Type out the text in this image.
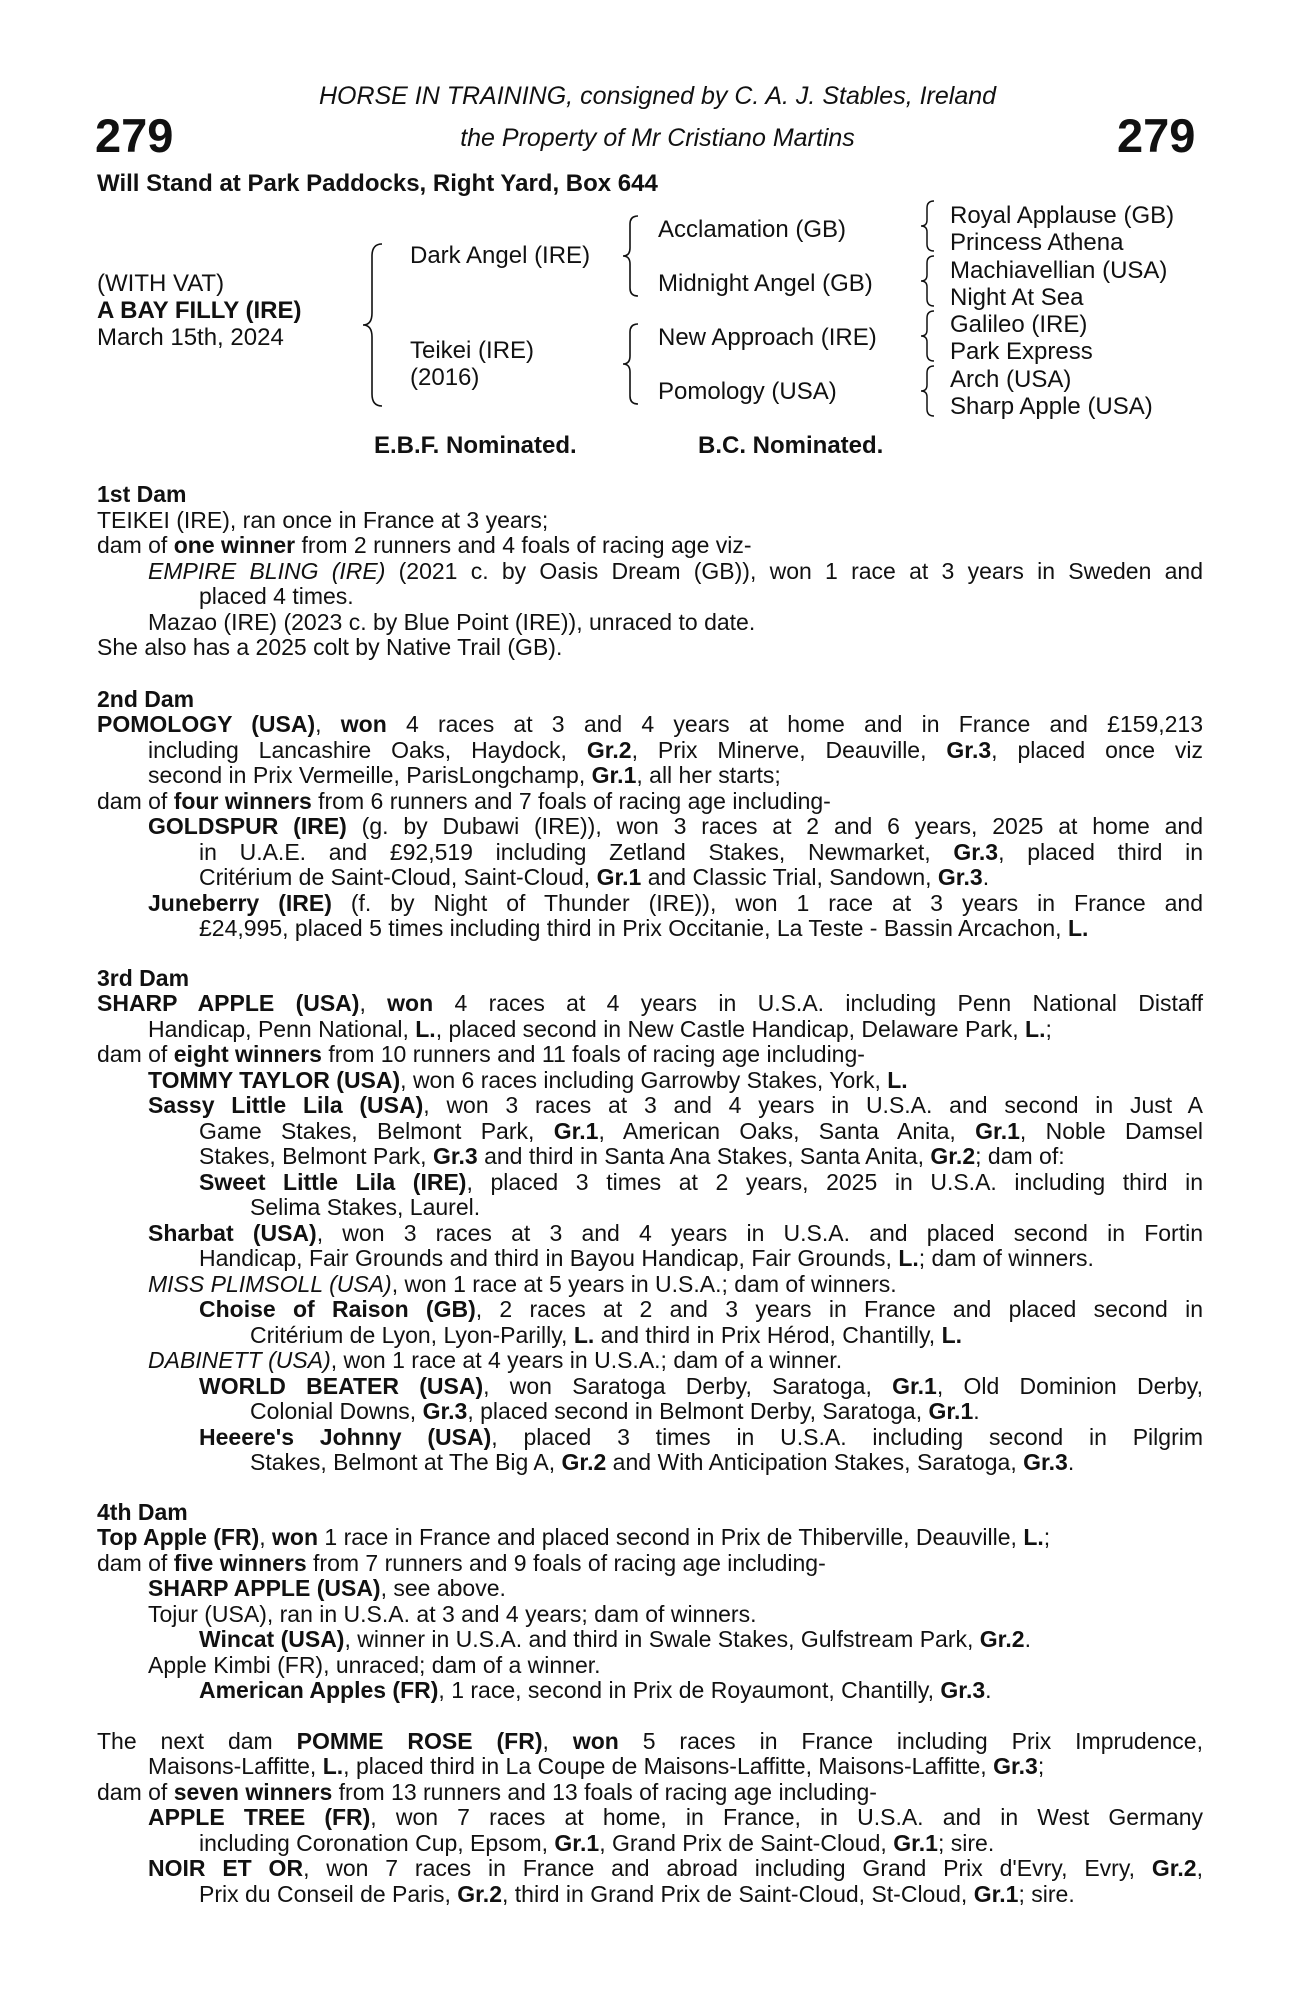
HORSE IN TRAINING, consigned by C. A. J. Stables, Ireland
the Property of Mr Cristiano Martins
279	279
Will Stand at Park Paddocks, Right Yard, Box 644
(WITH VAT)
A BAY FILLY (IRE)
March 15th, 2024
Dark Angel (IRE)
Teikei (IRE)
(2016)
Acclamation (GB)
Midnight Angel (GB)
New Approach (IRE)
Pomology (USA)
Royal Applause (GB)
Princess Athena
Machiavellian (USA)
Night At Sea
Galileo (IRE)
Park Express
Arch (USA)
Sharp Apple (USA)
E.B.F. Nominated.	B.C. Nominated.
1st Dam
TEIKEI (IRE), ran once in France at 3 years;
dam of one winner from 2 runners and 4 foals of racing age viz-
EMPIRE BLING (IRE) (2021 c. by Oasis Dream (GB)), won 1 race at 3 years in Sweden and
placed 4 times.
Mazao (IRE) (2023 c. by Blue Point (IRE)), unraced to date.
She also has a 2025 colt by Native Trail (GB).
2nd Dam
POMOLOGY (USA), won 4 races at 3 and 4 years at home and in France and £159,213
including Lancashire Oaks, Haydock, Gr.2, Prix Minerve, Deauville, Gr.3, placed once viz
second in Prix Vermeille, ParisLongchamp, Gr.1, all her starts;
dam of four winners from 6 runners and 7 foals of racing age including-
GOLDSPUR (IRE) (g. by Dubawi (IRE)), won 3 races at 2 and 6 years, 2025 at home and
in U.A.E. and £92,519 including Zetland Stakes, Newmarket, Gr.3, placed third in
Critérium de Saint-Cloud, Saint-Cloud, Gr.1 and Classic Trial, Sandown, Gr.3.
Juneberry (IRE) (f. by Night of Thunder (IRE)), won 1 race at 3 years in France and
£24,995, placed 5 times including third in Prix Occitanie, La Teste - Bassin Arcachon, L.
3rd Dam
SHARP APPLE (USA), won 4 races at 4 years in U.S.A. including Penn National Distaff
Handicap, Penn National, L., placed second in New Castle Handicap, Delaware Park, L.;
dam of eight winners from 10 runners and 11 foals of racing age including-
TOMMY TAYLOR (USA), won 6 races including Garrowby Stakes, York, L.
Sassy Little Lila (USA), won 3 races at 3 and 4 years in U.S.A. and second in Just A
Game Stakes, Belmont Park, Gr.1, American Oaks, Santa Anita, Gr.1, Noble Damsel
Stakes, Belmont Park, Gr.3 and third in Santa Ana Stakes, Santa Anita, Gr.2; dam of:
Sweet Little Lila (IRE), placed 3 times at 2 years, 2025 in U.S.A. including third in
Selima Stakes, Laurel.
Sharbat (USA), won 3 races at 3 and 4 years in U.S.A. and placed second in Fortin
Handicap, Fair Grounds and third in Bayou Handicap, Fair Grounds, L.; dam of winners.
MISS PLIMSOLL (USA), won 1 race at 5 years in U.S.A.; dam of winners.
Choise of Raison (GB), 2 races at 2 and 3 years in France and placed second in
Critérium de Lyon, Lyon-Parilly, L. and third in Prix Hérod, Chantilly, L.
DABINETT (USA), won 1 race at 4 years in U.S.A.; dam of a winner.
WORLD BEATER (USA), won Saratoga Derby, Saratoga, Gr.1, Old Dominion Derby,
Colonial Downs, Gr.3, placed second in Belmont Derby, Saratoga, Gr.1.
Heeere's Johnny (USA), placed 3 times in U.S.A. including second in Pilgrim
Stakes, Belmont at The Big A, Gr.2 and With Anticipation Stakes, Saratoga, Gr.3.
4th Dam
Top Apple (FR), won 1 race in France and placed second in Prix de Thiberville, Deauville, L.;
dam of five winners from 7 runners and 9 foals of racing age including-
SHARP APPLE (USA), see above.
Tojur (USA), ran in U.S.A. at 3 and 4 years; dam of winners.
Wincat (USA), winner in U.S.A. and third in Swale Stakes, Gulfstream Park, Gr.2.
Apple Kimbi (FR), unraced; dam of a winner.
American Apples (FR), 1 race, second in Prix de Royaumont, Chantilly, Gr.3.
The next dam POMME ROSE (FR), won 5 races in France including Prix Imprudence,
Maisons-Laffitte, L., placed third in La Coupe de Maisons-Laffitte, Maisons-Laffitte, Gr.3;
dam of seven winners from 13 runners and 13 foals of racing age including-
APPLE TREE (FR), won 7 races at home, in France, in U.S.A. and in West Germany
including Coronation Cup, Epsom, Gr.1, Grand Prix de Saint-Cloud, Gr.1; sire.
NOIR ET OR, won 7 races in France and abroad including Grand Prix d'Evry, Evry, Gr.2,
Prix du Conseil de Paris, Gr.2, third in Grand Prix de Saint-Cloud, St-Cloud, Gr.1; sire.
